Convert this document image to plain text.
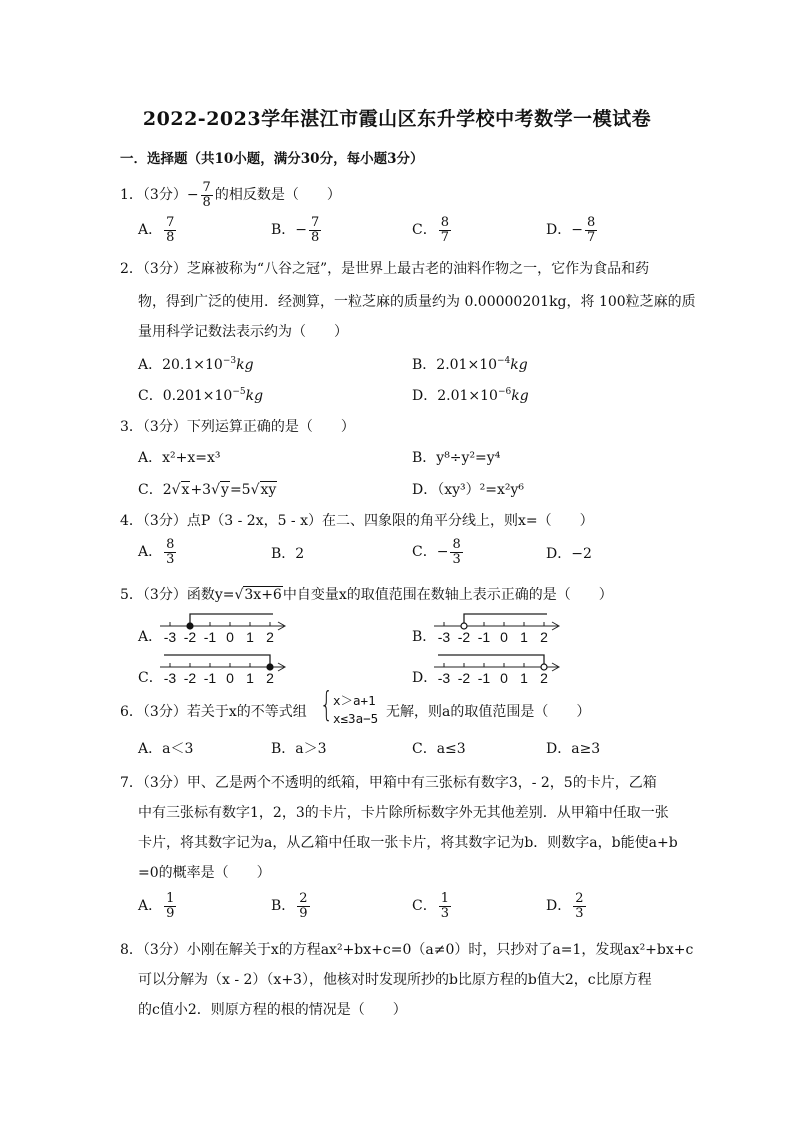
2022-2023学年湛江市霞山区东升学校中考数学一模试卷
一．选择题（共10小题，满分30分，每小题3分）
1．（3分）− $\frac{7}{8}$ 的相反数是（　　）
A． $\frac{7}{8}$	B．− $\frac{7}{8}$	C． $\frac{8}{7}$	D．− $\frac{8}{7}$
2．（3分）芝麻被称为“八谷之冠”，是世界上最古老的油料作物之一，它作为食品和药
物，得到广泛的使用．经测算，一粒芝麻的质量约为 0.00000201kg，将 100粒芝麻的质
量用科学记数法表示约为（　　）
A．$20.1\times 10^{-3}kg$	B．$2.01\times 10^{-4}kg$
C．$0.201\times 10^{-5}kg$	D．$2.01\times 10^{-6}kg$
3．（3分）下列运算正确的是（　　）
A．x²+x=x³	B．y⁸÷y²=y⁴
C．2√x+3√y=5√xy	D．（xy³）²=x²y⁶
4．（3分）点P（3 - 2x，5 - x）在二、四象限的角平分线上，则x=（　　）
A． $\frac{8}{3}$	B．2	C．− $\frac{8}{3}$	D．−2
5．（3分）函数y=√3x+6中自变量x的取值范围在数轴上表示正确的是（　　）
A．	B．
C．	D．
-3 -2 -1 0 1 2	-3 -2 -1 0 1 2
-3 -2 -1 0 1 2	-3 -2 -1 0 1 2
6．（3分）若关于x的不等式组 { x＞a+1
x≤3a−5 无解，则a的取值范围是（　　）
A．a＜3	B．a＞3	C．a≤3	D．a≥3
7．（3分）甲、乙是两个不透明的纸箱，甲箱中有三张标有数字3，- 2，5的卡片，乙箱
中有三张标有数字1，2，3的卡片，卡片除所标数字外无其他差别．从甲箱中任取一张
卡片，将其数字记为a，从乙箱中任取一张卡片，将其数字记为b．则数字a，b能使a+b
=0的概率是（　　）
A． $\frac{1}{9}$	B． $\frac{2}{9}$	C． $\frac{1}{3}$	D． $\frac{2}{3}$
8．（3分）小刚在解关于x的方程ax²+bx+c=0（a≠0）时，只抄对了a=1，发现ax²+bx+c
可以分解为（x - 2）（x+3），他核对时发现所抄的b比原方程的b值大2，c比原方程
的c值小2．则原方程的根的情况是（　　）
